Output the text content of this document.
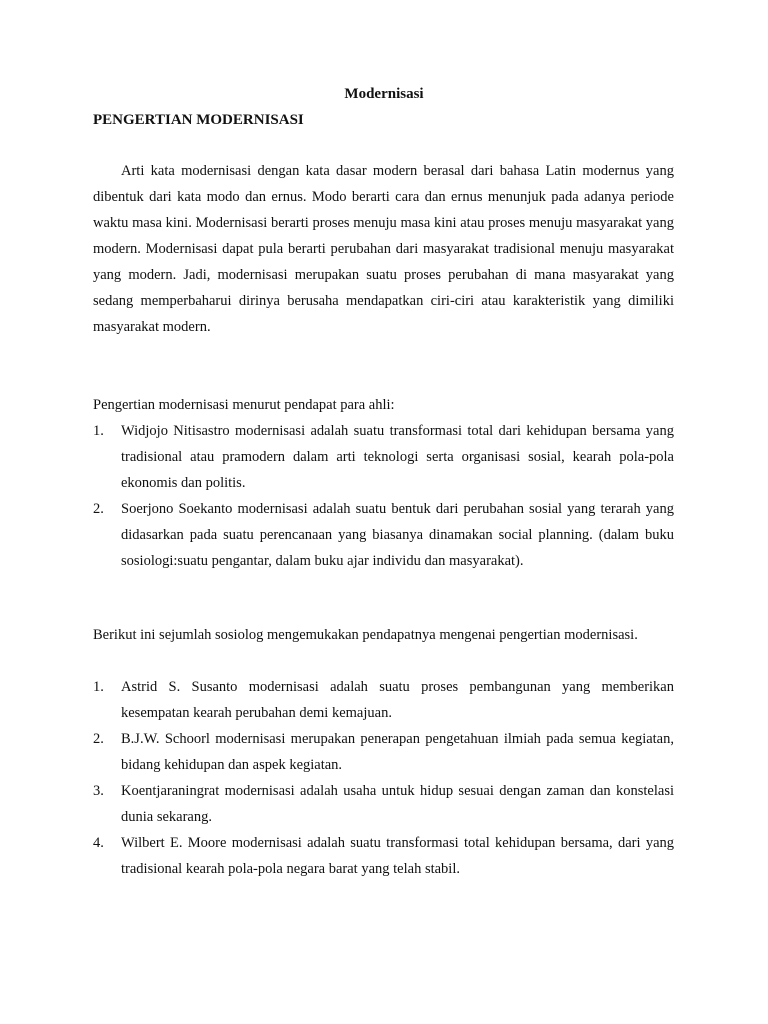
Modernisasi
PENGERTIAN MODERNISASI

Arti kata modernisasi dengan kata dasar modern berasal dari bahasa Latin modernus yang dibentuk dari kata modo dan ernus. Modo berarti cara dan ernus menunjuk pada adanya periode waktu masa kini. Modernisasi berarti proses menuju masa kini atau proses menuju masyarakat yang modern. Modernisasi dapat pula berarti perubahan dari masyarakat tradisional menuju masyarakat yang modern. Jadi, modernisasi merupakan suatu proses perubahan di mana masyarakat yang sedang memperbaharui dirinya berusaha mendapatkan ciri-ciri atau karakteristik yang dimiliki masyarakat modern.

Pengertian modernisasi menurut pendapat para ahli:

1. Widjojo Nitisastro modernisasi adalah suatu transformasi total dari kehidupan bersama yang tradisional atau pramodern dalam arti teknologi serta organisasi sosial, kearah pola-pola ekonomis dan politis.
2. Soerjono Soekanto modernisasi adalah suatu bentuk dari perubahan sosial yang terarah yang didasarkan pada suatu perencanaan yang biasanya dinamakan social planning. (dalam buku sosiologi:suatu pengantar, dalam buku ajar individu dan masyarakat).

Berikut ini sejumlah sosiolog mengemukakan pendapatnya mengenai pengertian modernisasi.

1. Astrid S. Susanto modernisasi adalah suatu proses pembangunan yang memberikan kesempatan kearah perubahan demi kemajuan.
2. B.J.W. Schoorl modernisasi merupakan penerapan pengetahuan ilmiah pada semua kegiatan, bidang kehidupan dan aspek kegiatan.
3. Koentjaraningrat modernisasi adalah usaha untuk hidup sesuai dengan zaman dan konstelasi dunia sekarang.
4. Wilbert E. Moore modernisasi adalah suatu transformasi total kehidupan bersama, dari yang tradisional kearah pola-pola negara barat yang telah stabil.
